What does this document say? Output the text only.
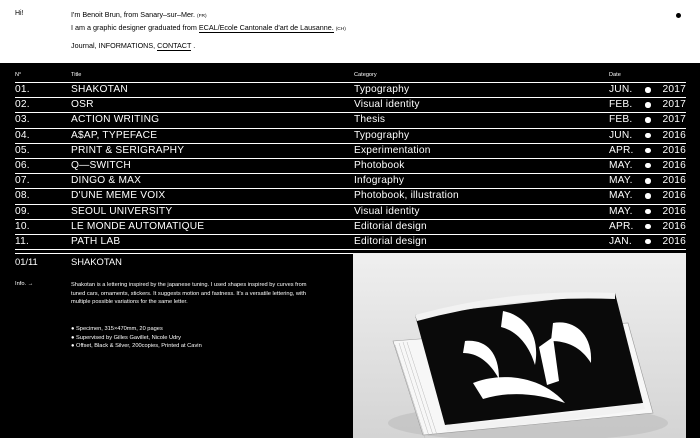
Hi!	I'm Benoit Brun, from Sanary–sur–Mer. (FR)
I am a graphic designer graduated from ECAL/Ecole Cantonale d'art de Lausanne. (CH)
Journal, INFORMATIONS, CONTACT .
N°	Title	Category	Date
01.	SHAKOTAN	Typography	JUN.	2017
02.	OSR	Visual identity	FEB.	2017
03.	ACTION WRITING	Thesis	FEB.	2017
04.	A$AP, TYPEFACE	Typography	JUN.	2016
05.	PRINT & SERIGRAPHY	Experimentation	APR.	2016
06.	Q—SWITCH	Photobook	MAY.	2016
07.	DINGO & MAX	Infography	MAY.	2016
08.	D'UNE MEME VOIX	Photobook, illustration	MAY.	2016
09.	SEOUL UNIVERSITY	Visual identity	MAY.	2016
10.	LE MONDE AUTOMATIQUE	Editorial design	APR.	2016
11.	PATH LAB	Editorial design	JAN.	2016
01/11	SHAKOTAN
Info. →	Shakotan is a lettering inspired by the japanese tuning. I used shapes inspired by curves from tuned cars, ornaments, stickers. It suggests motion and fastness. It's a versatile lettering, with multiple possible variations for the same letter.
● Specimen, 315×470mm, 20 pages
● Supervised by Gilles Gavillet, Nicole Udry
● Offset, Black & Silver, 200copies, Printed at Cavin
